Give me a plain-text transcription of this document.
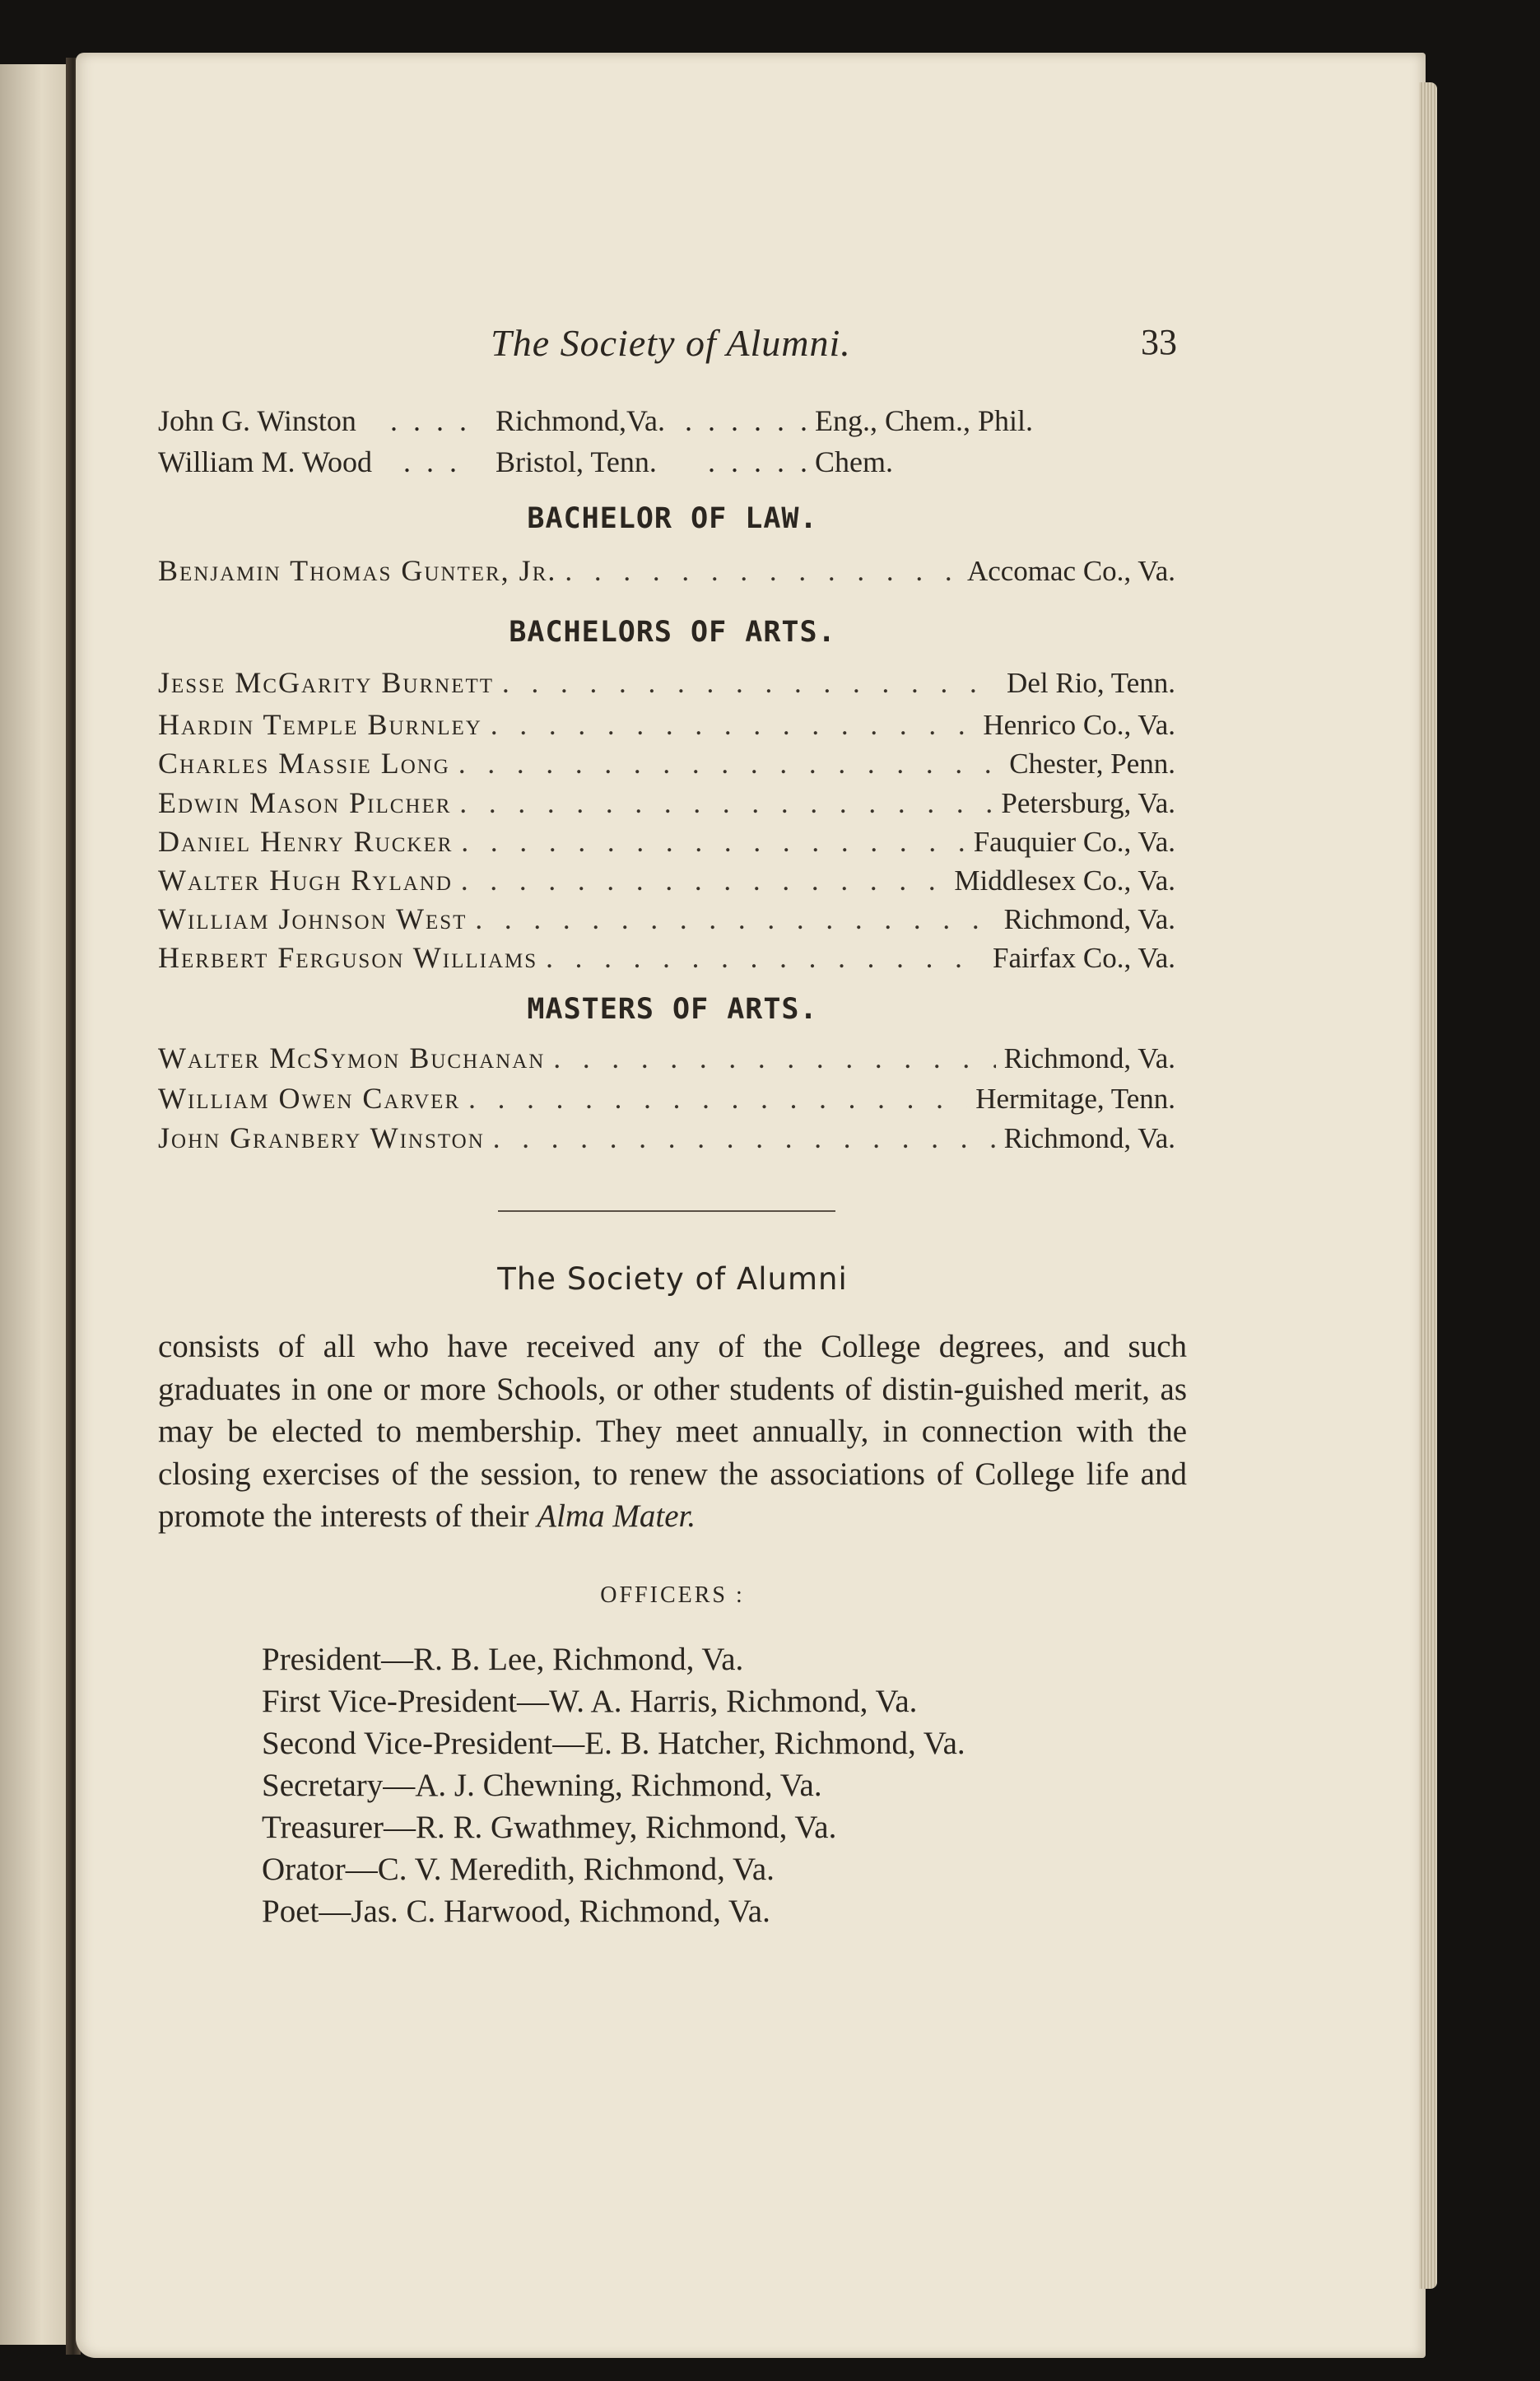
The Society of Alumni.	33
John G. Winston . . . . Richmond,Va. . . . . . . Eng., Chem., Phil.
William M. Wood . . . Bristol, Tenn. . . . . . Chem.
BACHELOR OF LAW.
Benjamin Thomas Gunter, Jr. . . .	Accomac Co., Va.
BACHELORS OF ARTS.
Jesse McGarity Burnett . . .	Del Rio, Tenn.
Hardin Temple Burnley . . .	Henrico Co., Va.
Charles Massie Long . . .	Chester, Penn.
Edwin Mason Pilcher . . .	Petersburg, Va.
Daniel Henry Rucker . . .	Fauquier Co., Va.
Walter Hugh Ryland . . .	Middlesex Co., Va.
William Johnson West . . .	Richmond, Va.
Herbert Ferguson Williams . . .	Fairfax Co., Va.
MASTERS OF ARTS.
Walter McSymon Buchanan . . .	Richmond, Va.
William Owen Carver . . .	Hermitage, Tenn.
John Granbery Winston . . .	Richmond, Va.
The Society of Alumni
consists of all who have received any of the College degrees, and such graduates in one or more Schools, or other students of distin-guished merit, as may be elected to membership. They meet annually, in connection with the closing exercises of the session, to renew the associations of College life and promote the interests of their Alma Mater.
OFFICERS :
President—R. B. Lee, Richmond, Va.
First Vice-President—W. A. Harris, Richmond, Va.
Second Vice-President—E. B. Hatcher, Richmond, Va.
Secretary—A. J. Chewning, Richmond, Va.
Treasurer—R. R. Gwathmey, Richmond, Va.
Orator—C. V. Meredith, Richmond, Va.
Poet—Jas. C. Harwood, Richmond, Va.
